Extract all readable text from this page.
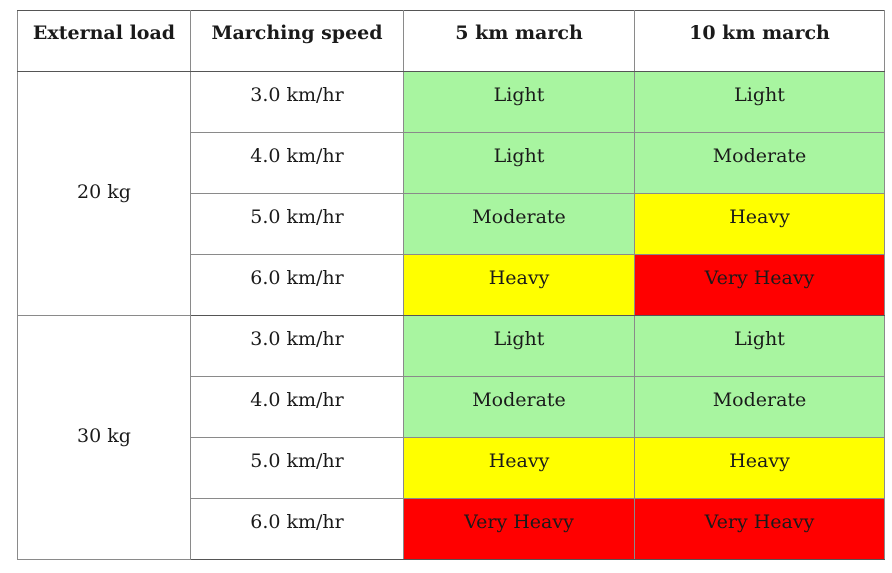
External load	Marching speed	5 km march	10 km march
20 kg	3.0 km/hr	Light	Light
	4.0 km/hr	Light	Moderate
	5.0 km/hr	Moderate	Heavy
	6.0 km/hr	Heavy	Very Heavy
30 kg	3.0 km/hr	Light	Light
	4.0 km/hr	Moderate	Moderate
	5.0 km/hr	Heavy	Heavy
	6.0 km/hr	Very Heavy	Very Heavy
